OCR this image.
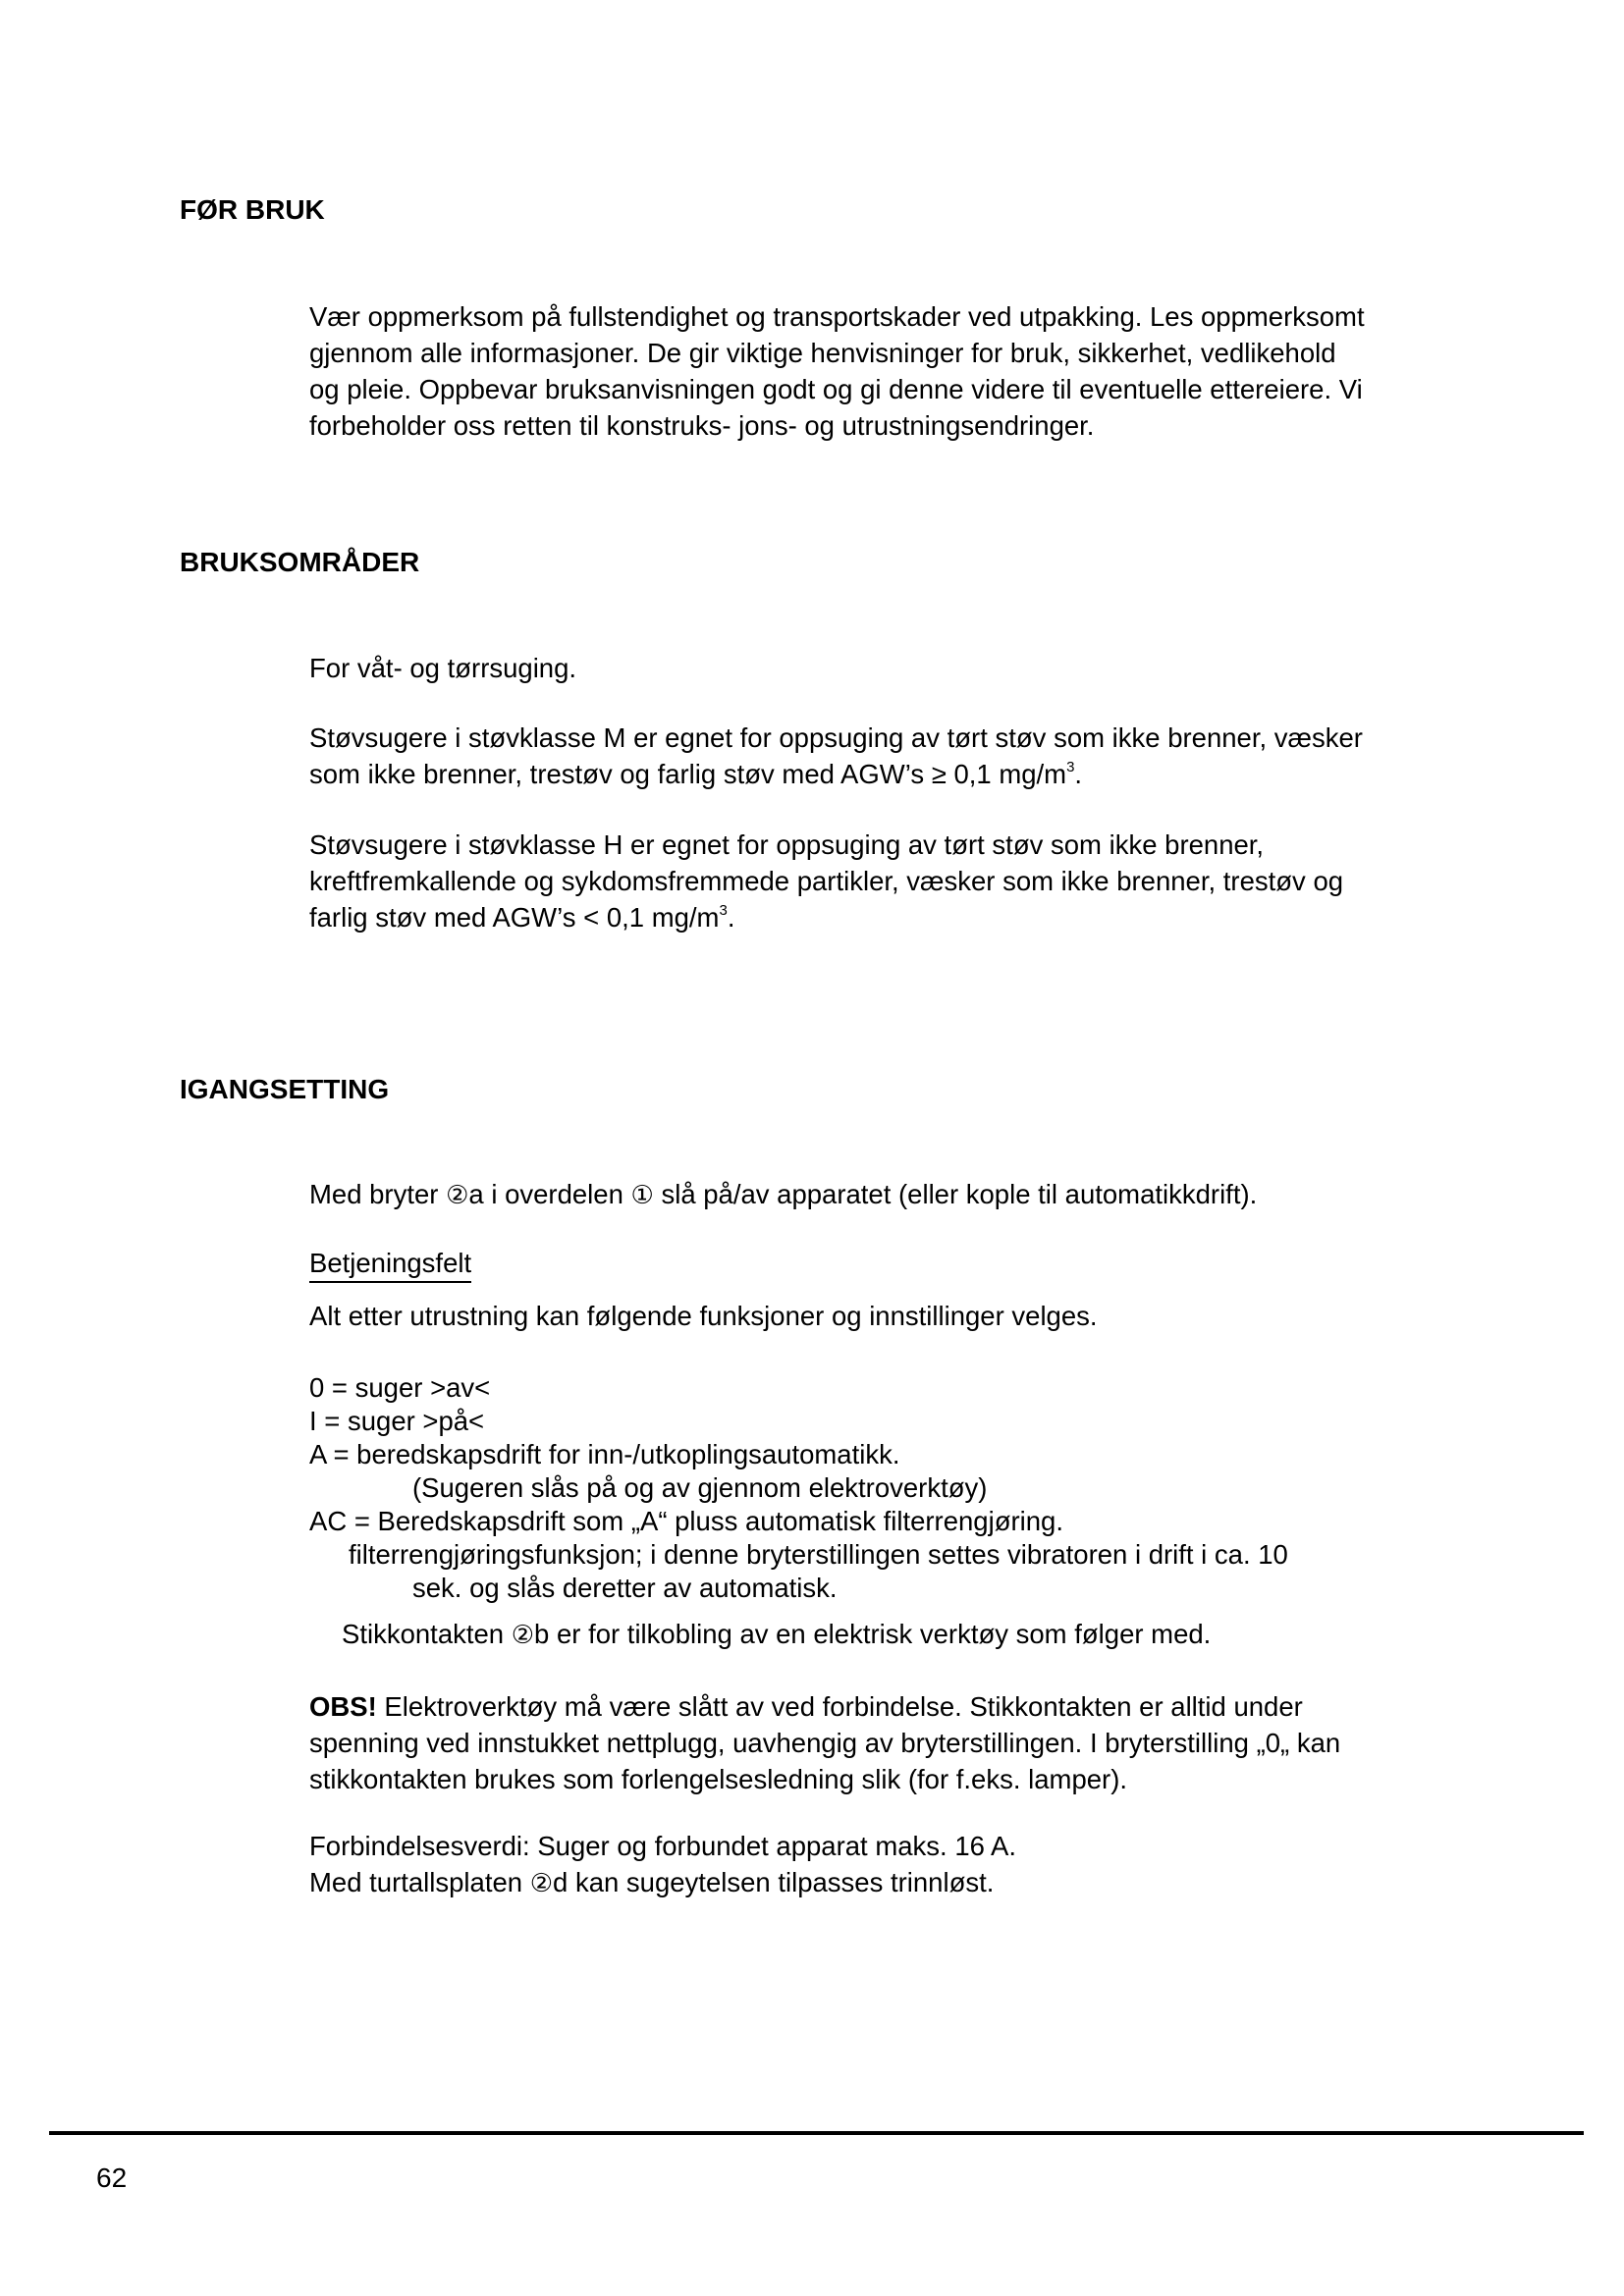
FØR BRUK

Vær oppmerksom på fullstendighet og transportskader ved utpakking. Les oppmerksomt
gjennom alle informasjoner. De gir viktige henvisninger for bruk, sikkerhet, vedlikehold
og pleie. Oppbevar bruksanvisningen godt og gi denne videre til eventuelle ettereiere. Vi
forbeholder oss retten til konstruks- jons- og utrustningsendringer.

BRUKSOMRÅDER

For våt- og tørrsuging.

Støvsugere i støvklasse M er egnet for oppsuging av tørt støv som ikke brenner, væsker
som ikke brenner, trestøv og farlig støv med AGW’s ≥ 0,1 $mg/m^3$.

Støvsugere i støvklasse H er egnet for oppsuging av tørt støv som ikke brenner,
kreftfremkallende og sykdomsfremmede partikler, væsker som ikke brenner, trestøv og
farlig støv med AGW’s < 0,1 $mg/m^3$.

IGANGSETTING

Med bryter ②a i overdelen ① slå på/av apparatet (eller kople til automatikkdrift).

Betjeningsfelt

Alt etter utrustning kan følgende funksjoner og innstillinger velges.

0 = suger >av<
I = suger >på<
A = beredskapsdrift for inn-/utkoplingsautomatikk.
(Sugeren slås på og av gjennom elektroverktøy)
AC = Beredskapsdrift som „A“ pluss automatisk filterrengjøring.
filterrengjøringsfunksjon; i denne bryterstillingen settes vibratoren i drift i ca. 10
sek. og slås deretter av automatisk.

Stikkontakten ②b er for tilkobling av en elektrisk verktøy som følger med.

OBS! Elektroverktøy må være slått av ved forbindelse. Stikkontakten er alltid under
spenning ved innstukket nettplugg, uavhengig av bryterstillingen. I bryterstilling „0„ kan
stikkontakten brukes som forlengelsesledning slik (for f.eks. lamper).

Forbindelsesverdi: Suger og forbundet apparat maks. 16 A.
Med turtallsplaten ②d kan sugeytelsen tilpasses trinnløst.

62
